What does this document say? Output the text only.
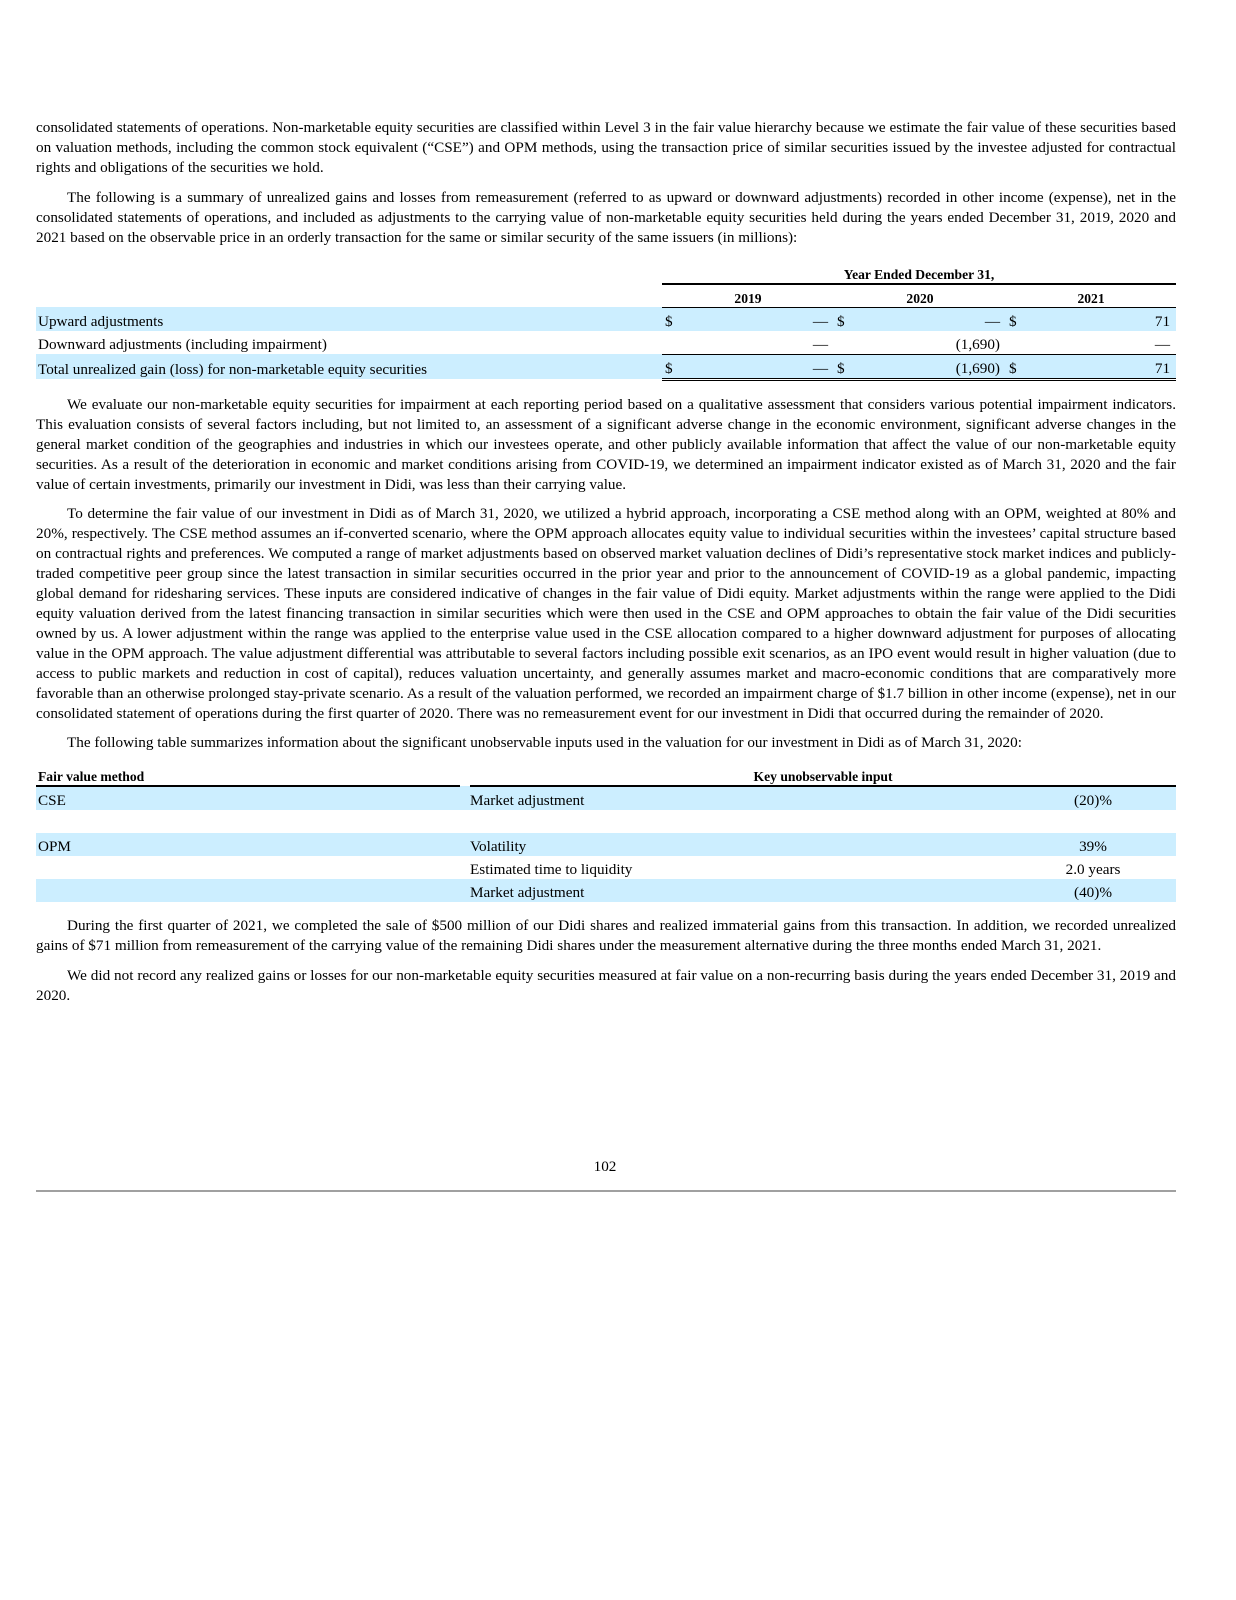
consolidated statements of operations. Non-marketable equity securities are classified within Level 3 in the fair value hierarchy because we estimate the fair value of these securities based on valuation methods, including the common stock equivalent (“CSE”) and OPM methods, using the transaction price of similar securities issued by the investee adjusted for contractual rights and obligations of the securities we hold.

The following is a summary of unrealized gains and losses from remeasurement (referred to as upward or downward adjustments) recorded in other income (expense), net in the consolidated statements of operations, and included as adjustments to the carrying value of non-marketable equity securities held during the years ended December 31, 2019, 2020 and 2021 based on the observable price in an orderly transaction for the same or similar security of the same issuers (in millions):

	Year Ended December 31,					
	2019		2020		2021	
Upward adjustments	$	—	$	—	$	71
Downward adjustments (including impairment)		—		(1,690)		—
Total unrealized gain (loss) for non-marketable equity securities	$	—	$	(1,690)	$	71

We evaluate our non-marketable equity securities for impairment at each reporting period based on a qualitative assessment that considers various potential impairment indicators. This evaluation consists of several factors including, but not limited to, an assessment of a significant adverse change in the economic environment, significant adverse changes in the general market condition of the geographies and industries in which our investees operate, and other publicly available information that affect the value of our non-marketable equity securities. As a result of the deterioration in economic and market conditions arising from COVID-19, we determined an impairment indicator existed as of March 31, 2020 and the fair value of certain investments, primarily our investment in Didi, was less than their carrying value.

To determine the fair value of our investment in Didi as of March 31, 2020, we utilized a hybrid approach, incorporating a CSE method along with an OPM, weighted at 80% and 20%, respectively. The CSE method assumes an if-converted scenario, where the OPM approach allocates equity value to individual securities within the investees’ capital structure based on contractual rights and preferences. We computed a range of market adjustments based on observed market valuation declines of Didi’s representative stock market indices and publicly-traded competitive peer group since the latest transaction in similar securities occurred in the prior year and prior to the announcement of COVID-19 as a global pandemic, impacting global demand for ridesharing services. These inputs are considered indicative of changes in the fair value of Didi equity. Market adjustments within the range were applied to the Didi equity valuation derived from the latest financing transaction in similar securities which were then used in the CSE and OPM approaches to obtain the fair value of the Didi securities owned by us. A lower adjustment within the range was applied to the enterprise value used in the CSE allocation compared to a higher downward adjustment for purposes of allocating value in the OPM approach. The value adjustment differential was attributable to several factors including possible exit scenarios, as an IPO event would result in higher valuation (due to access to public markets and reduction in cost of capital), reduces valuation uncertainty, and generally assumes market and macro-economic conditions that are comparatively more favorable than an otherwise prolonged stay-private scenario. As a result of the valuation performed, we recorded an impairment charge of $1.7 billion in other income (expense), net in our consolidated statement of operations during the first quarter of 2020. There was no remeasurement event for our investment in Didi that occurred during the remainder of 2020.

The following table summarizes information about the significant unobservable inputs used in the valuation for our investment in Didi as of March 31, 2020:

Fair value method		Key unobservable input	
CSE		Market adjustment	(20)%

OPM		Volatility	39%
		Estimated time to liquidity	2.0 years
		Market adjustment	(40)%

During the first quarter of 2021, we completed the sale of $500 million of our Didi shares and realized immaterial gains from this transaction. In addition, we recorded unrealized gains of $71 million from remeasurement of the carrying value of the remaining Didi shares under the measurement alternative during the three months ended March 31, 2021.

We did not record any realized gains or losses for our non-marketable equity securities measured at fair value on a non-recurring basis during the years ended December 31, 2019 and 2020.

102
